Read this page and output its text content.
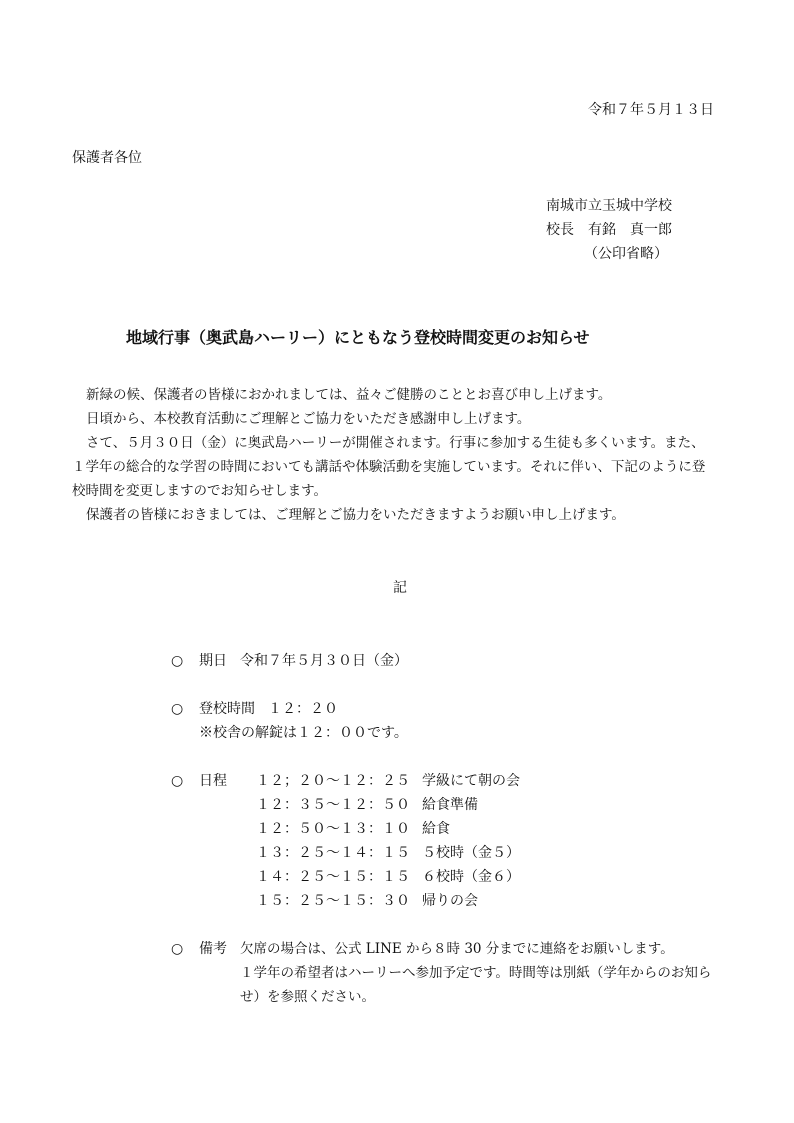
令和７年５月１３日
保護者各位
南城市立玉城中学校
校長　有銘　真一郎
（公印省略）
地域行事（奥武島ハーリー）にともなう登校時間変更のお知らせ
新緑の候、保護者の皆様におかれましては、益々ご健勝のこととお喜び申し上げます。
日頃から、本校教育活動にご理解とご協力をいただき感謝申し上げます。
さて、５月３０日（金）に奥武島ハーリーが開催されます。行事に参加する生徒も多くいます。また、
１学年の総合的な学習の時間においても講話や体験活動を実施しています。それに伴い、下記のように登
校時間を変更しますのでお知らせします。
保護者の皆様におきましては、ご理解とご協力をいただきますようお願い申し上げます。
記
○ 期日 令和７年５月３０日（金）
○ 登校時間 １２：２０
※校舎の解錠は１２：００です。
○ 日程 １２；２０〜１２：２５ 学級にて朝の会
１２：３５〜１２：５０ 給食準備
１２：５０〜１３：１０ 給食
１３：２５〜１４：１５ ５校時（金５）
１４：２５〜１５：１５ ６校時（金６）
１５：２５〜１５：３０ 帰りの会
○ 備考 欠席の場合は、公式 LINE から８時 30 分までに連絡をお願いします。
１学年の希望者はハーリーへ参加予定です。時間等は別紙（学年からのお知ら
せ）を参照ください。
